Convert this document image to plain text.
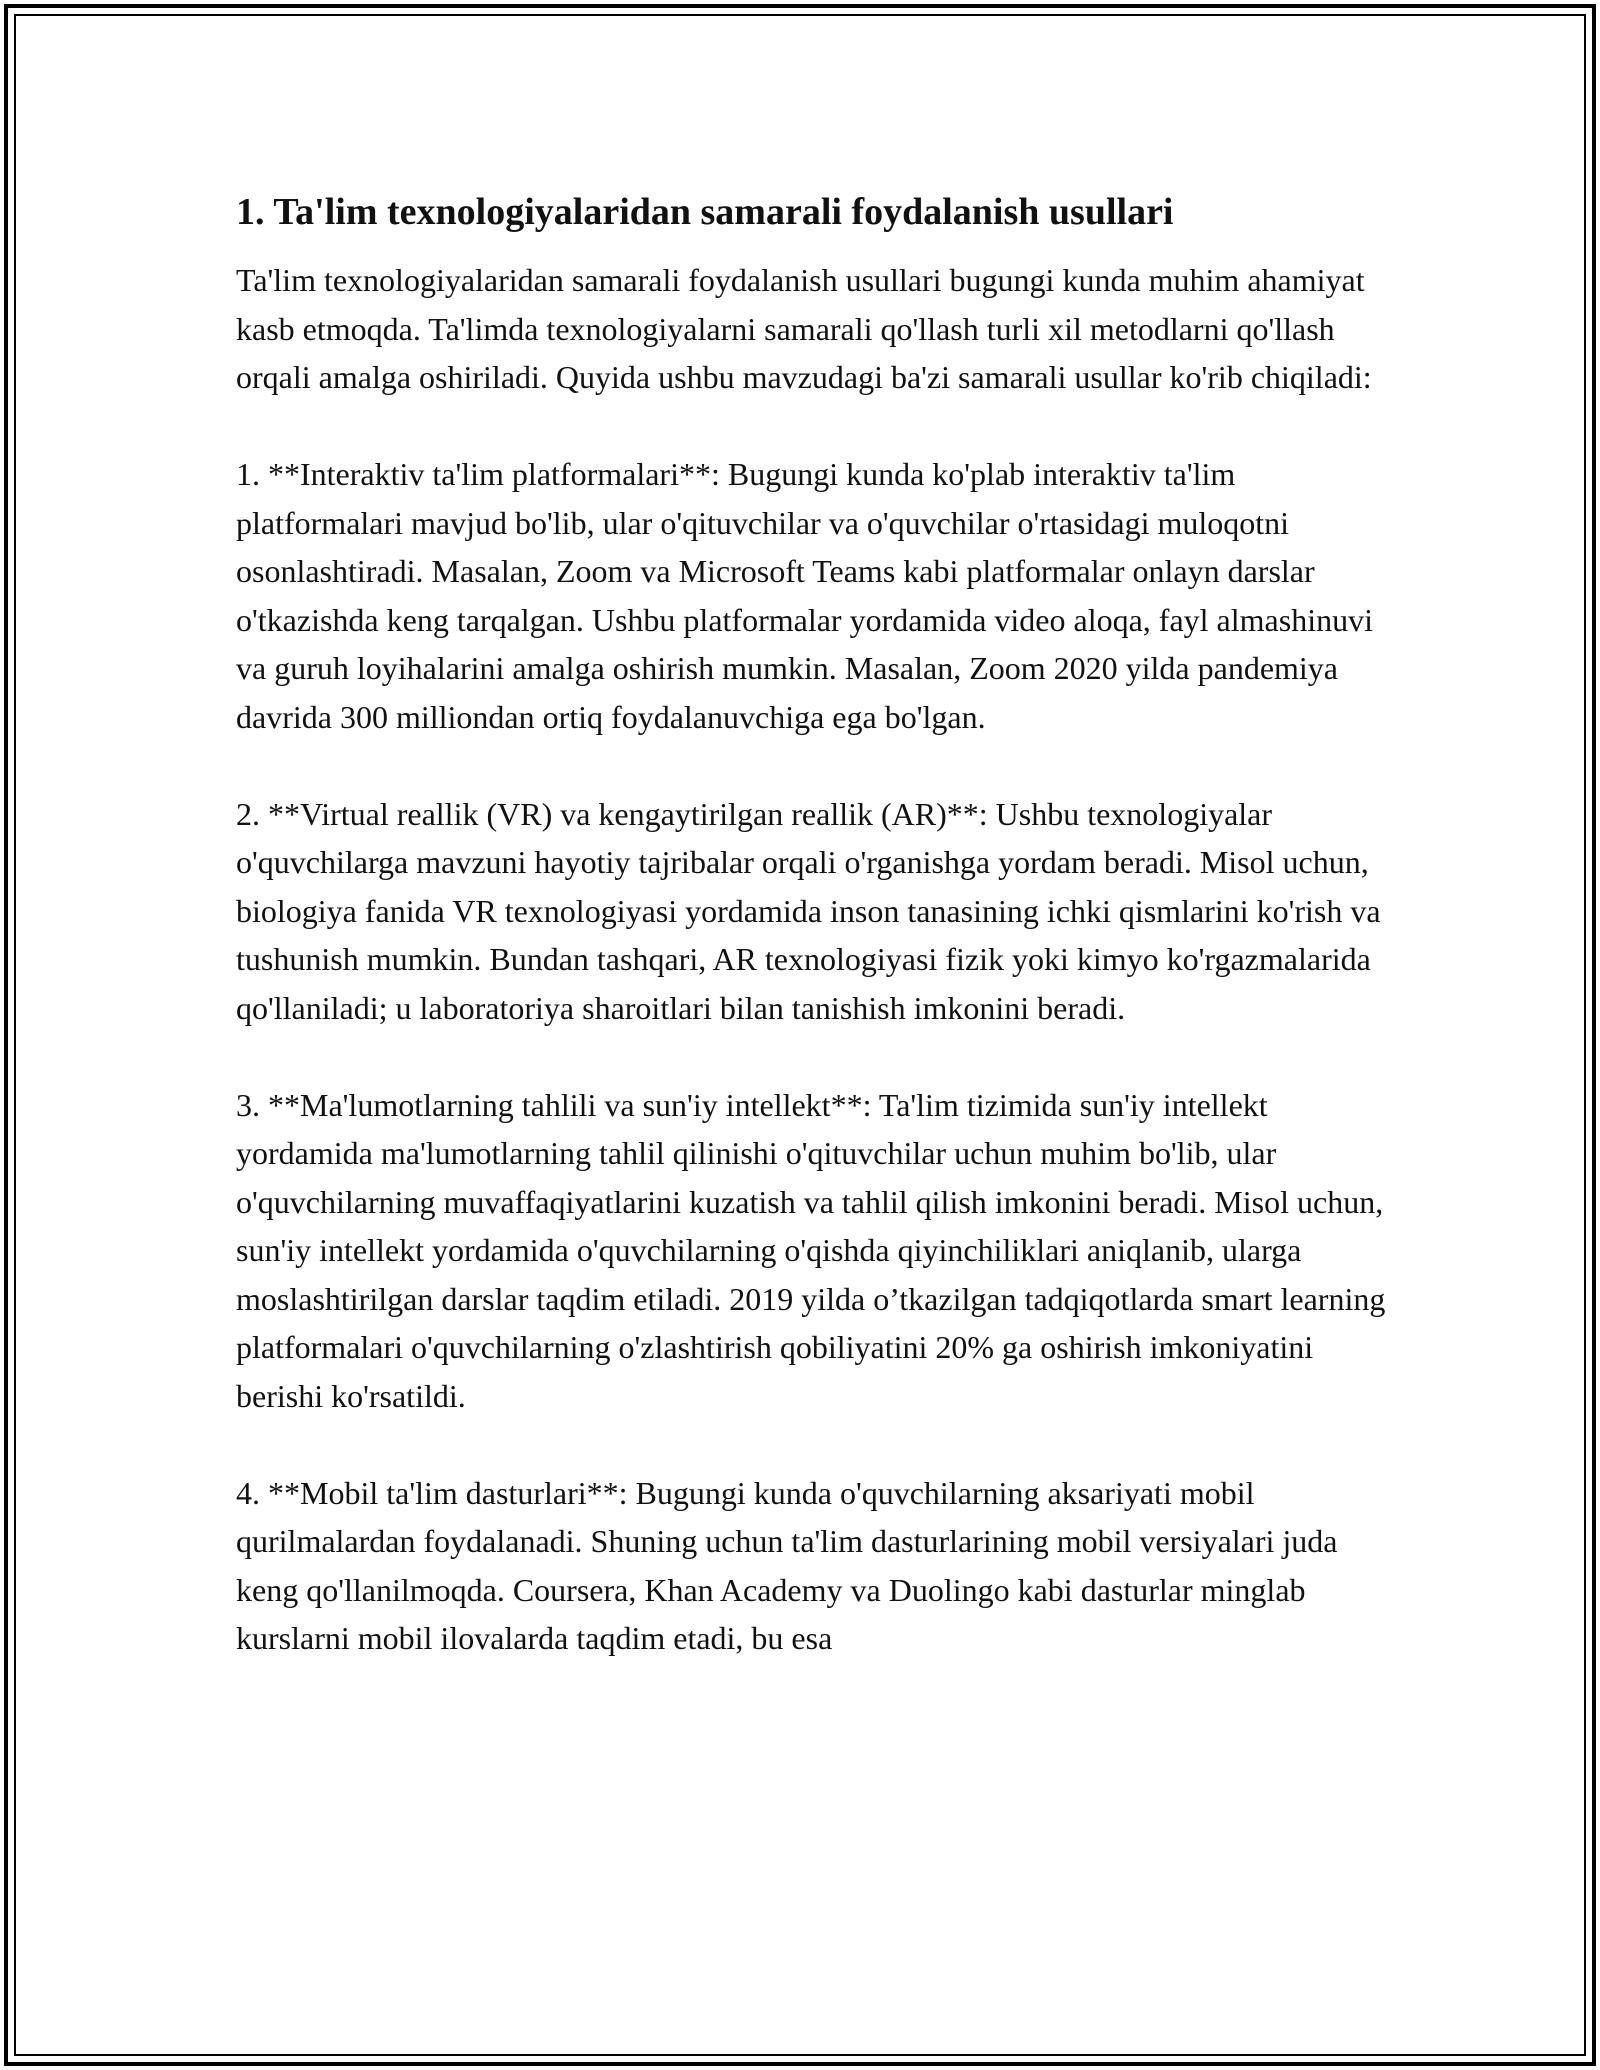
1. Ta'lim texnologiyalaridan samarali foydalanish usullari

Ta'lim texnologiyalaridan samarali foydalanish usullari bugungi kunda muhim ahamiyat kasb etmoqda. Ta'limda texnologiyalarni samarali qo'llash turli xil metodlarni qo'llash orqali amalga oshiriladi. Quyida ushbu mavzudagi ba'zi samarali usullar ko'rib chiqiladi:

1. **Interaktiv ta'lim platformalari**: Bugungi kunda ko'plab interaktiv ta'lim platformalari mavjud bo'lib, ular o'qituvchilar va o'quvchilar o'rtasidagi muloqotni osonlashtiradi. Masalan, Zoom va Microsoft Teams kabi platformalar onlayn darslar o'tkazishda keng tarqalgan. Ushbu platformalar yordamida video aloqa, fayl almashinuvi va guruh loyihalarini amalga oshirish mumkin. Masalan, Zoom 2020 yilda pandemiya davrida 300 milliondan ortiq foydalanuvchiga ega bo'lgan.

2. **Virtual reallik (VR) va kengaytirilgan reallik (AR)**: Ushbu texnologiyalar o'quvchilarga mavzuni hayotiy tajribalar orqali o'rganishga yordam beradi. Misol uchun, biologiya fanida VR texnologiyasi yordamida inson tanasining ichki qismlarini ko'rish va tushunish mumkin. Bundan tashqari, AR texnologiyasi fizik yoki kimyo ko'rgazmalarida qo'llaniladi; u laboratoriya sharoitlari bilan tanishish imkonini beradi.

3. **Ma'lumotlarning tahlili va sun'iy intellekt**: Ta'lim tizimida sun'iy intellekt yordamida ma'lumotlarning tahlil qilinishi o'qituvchilar uchun muhim bo'lib, ular o'quvchilarning muvaffaqiyatlarini kuzatish va tahlil qilish imkonini beradi. Misol uchun, sun'iy intellekt yordamida o'quvchilarning o'qishda qiyinchiliklari aniqlanib, ularga moslashtirilgan darslar taqdim etiladi. 2019 yilda o’tkazilgan tadqiqotlarda smart learning platformalari o'quvchilarning o'zlashtirish qobiliyatini 20% ga oshirish imkoniyatini berishi ko'rsatildi.

4. **Mobil ta'lim dasturlari**: Bugungi kunda o'quvchilarning aksariyati mobil qurilmalardan foydalanadi. Shuning uchun ta'lim dasturlarining mobil versiyalari juda keng qo'llanilmoqda. Coursera, Khan Academy va Duolingo kabi dasturlar minglab kurslarni mobil ilovalarda taqdim etadi, bu esa
